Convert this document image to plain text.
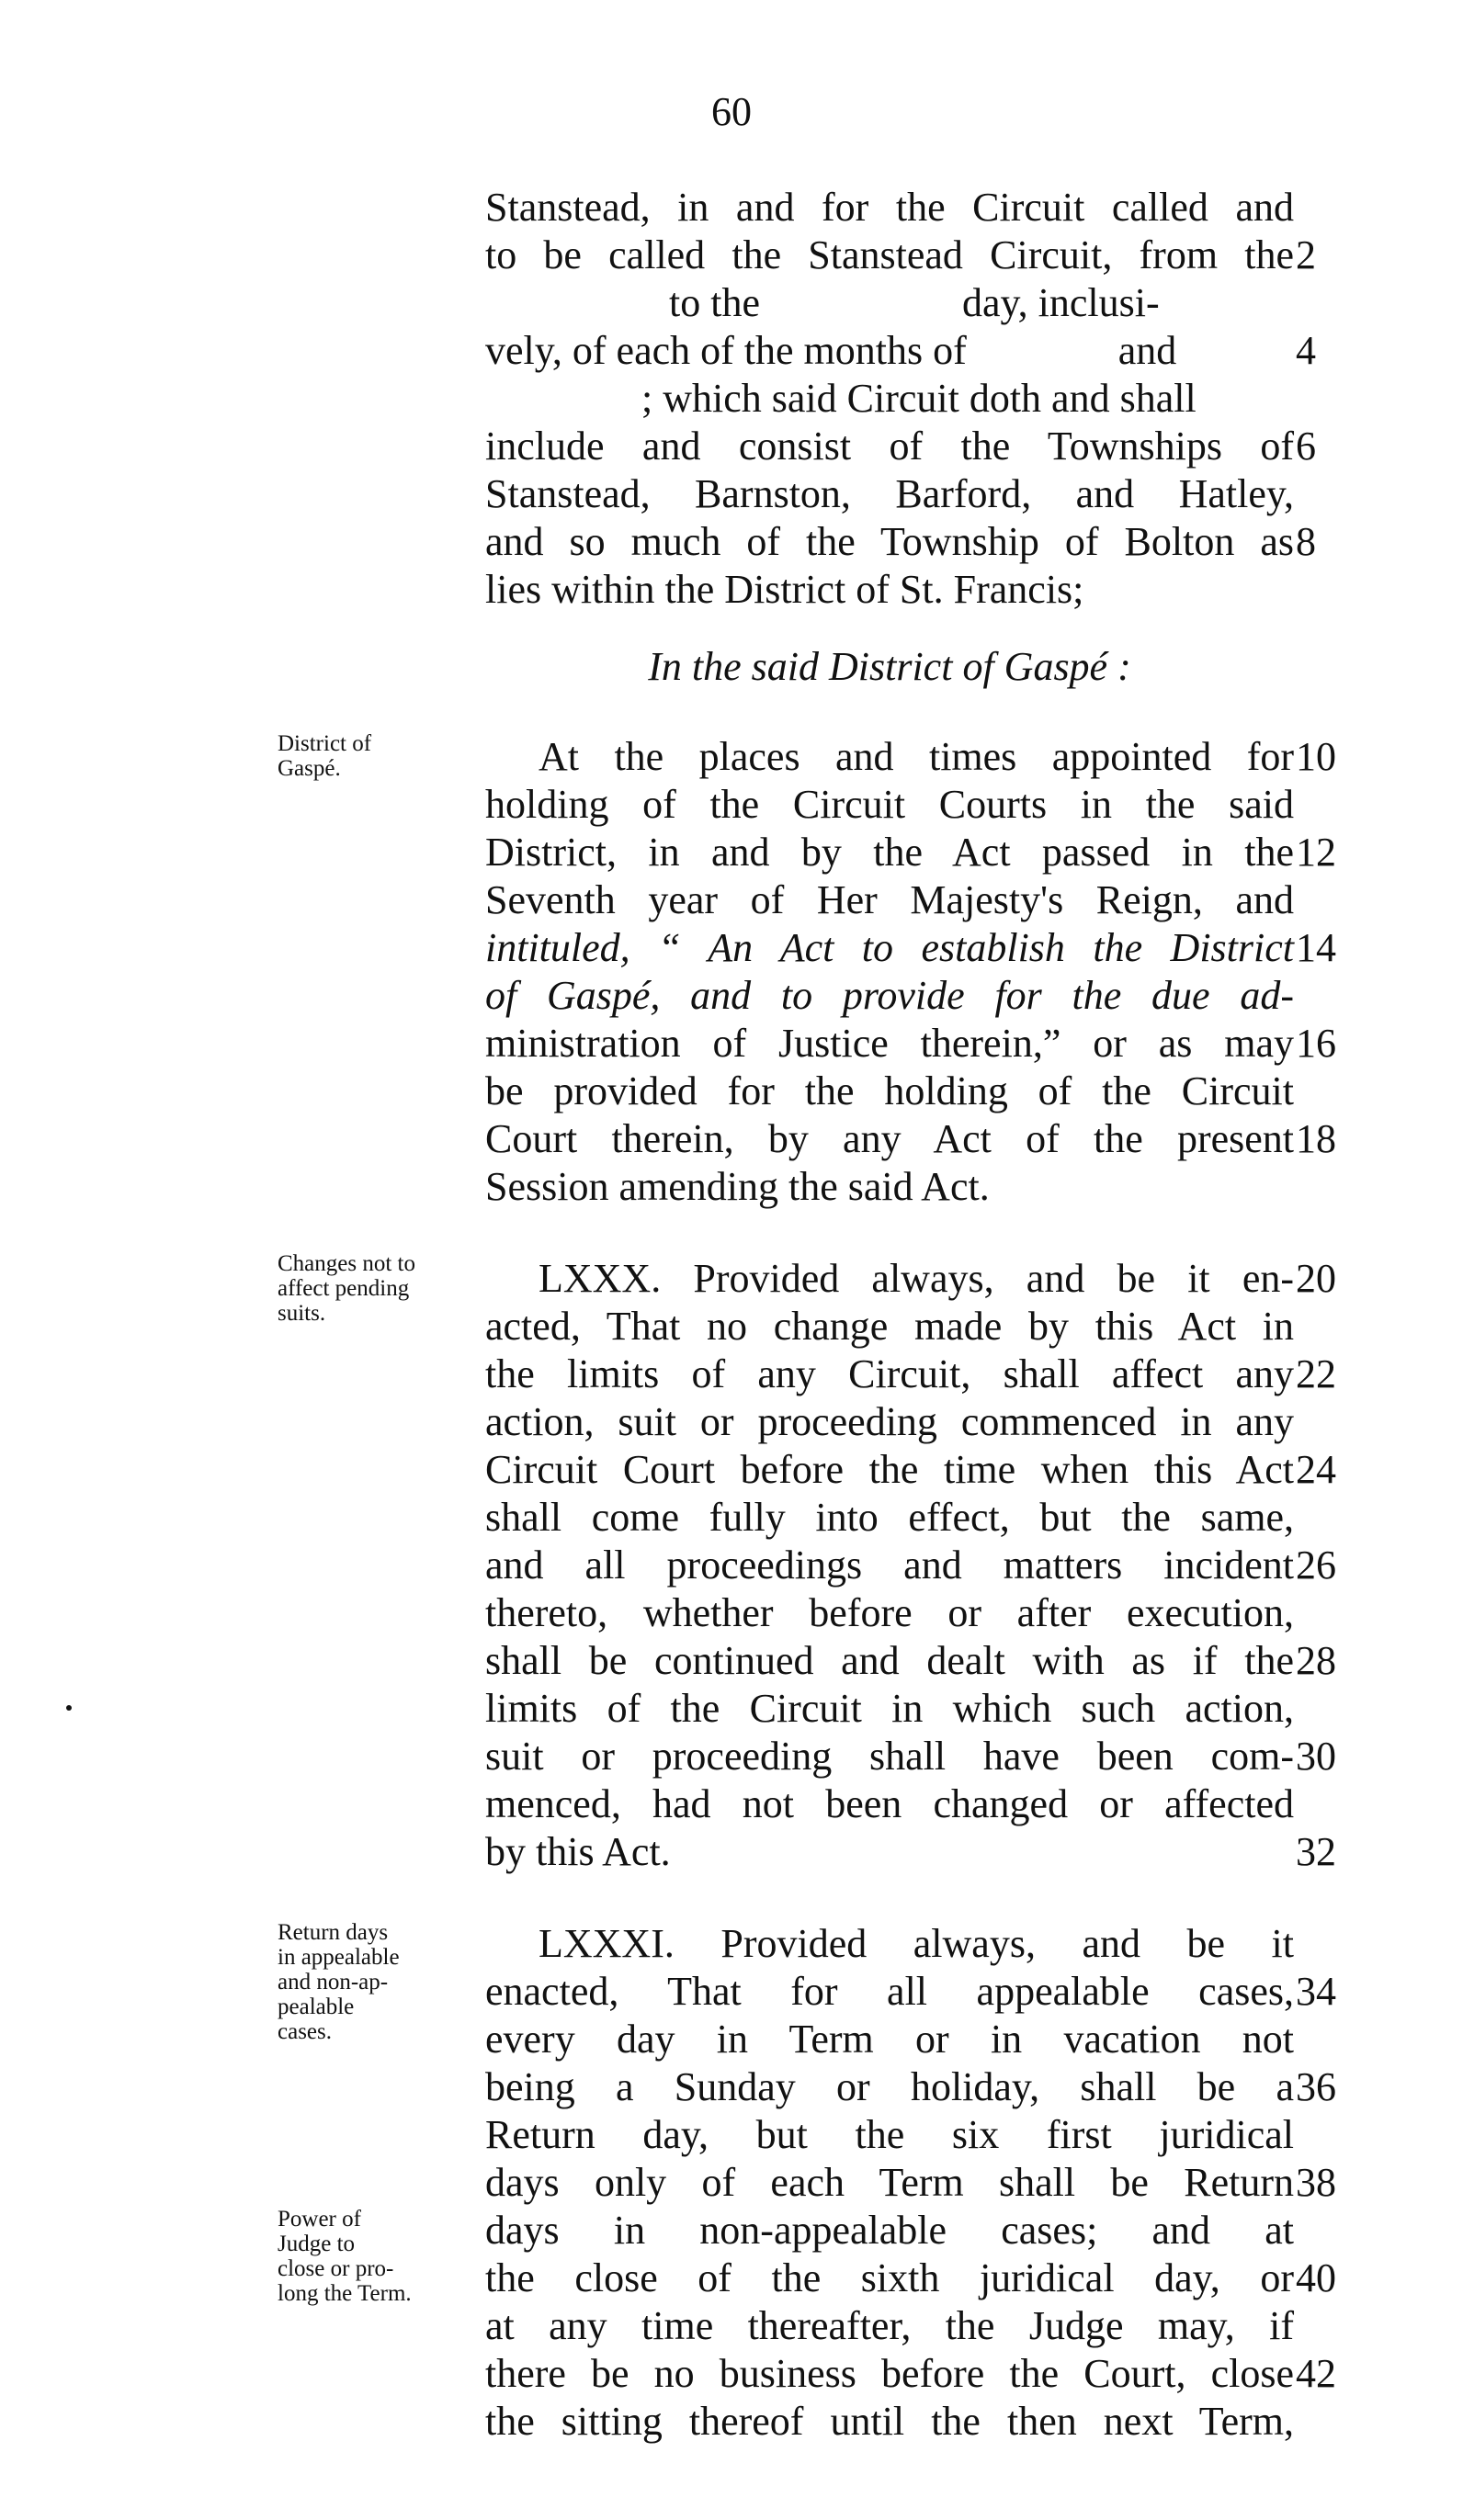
60
Stanstead, in and for the Circuit called and
to be called the Stanstead Circuit, from the
to the                    day, inclusi-
vely, of each of the months of               and
; which said Circuit doth and shall
include and consist of the Townships of
Stanstead, Barnston, Barford, and Hatley,
and so much of the Township of Bolton as
lies within the District of St. Francis;
At the places and times appointed for
holding of the Circuit Courts in the said
District, in and by the Act passed in the
Seventh year of Her Majesty's Reign, and
intituled, “ An Act to establish the District
of Gaspé, and to provide for the due ad-
ministration of Justice therein,” or as may
be provided for the holding of the Circuit
Court therein, by any Act of the present
Session amending the said Act.
LXXX. Provided always, and be it en-
acted, That no change made by this Act in
the limits of any Circuit, shall affect any
action, suit or proceeding commenced in any
Circuit Court before the time when this Act
shall come fully into effect, but the same,
and all proceedings and matters incident
thereto, whether before or after execution,
shall be continued and dealt with as if the
limits of the Circuit in which such action,
suit or proceeding shall have been com-
menced, had not been changed or affected
by this Act.
LXXXI. Provided always, and be it
enacted, That for all appealable cases,
every day in Term or in vacation not
being a Sunday or holiday, shall be a
Return day, but the six first juridical
days only of each Term shall be Return
days in non-appealable cases; and at
the close of the sixth juridical day, or
at any time thereafter, the Judge may, if
there be no business before the Court, close
the sitting thereof until the then next Term,
In the said District of Gaspé :
2
4
6
8
10
12
14
16
18
20
22
24
26
28
30
32
34
36
38
40
42
District of
Gaspé.
Changes not to
affect pending
suits.
Return days
in appealable
and non-ap-
pealable
cases.
Power of
Judge to
close or pro-
long the Term.
